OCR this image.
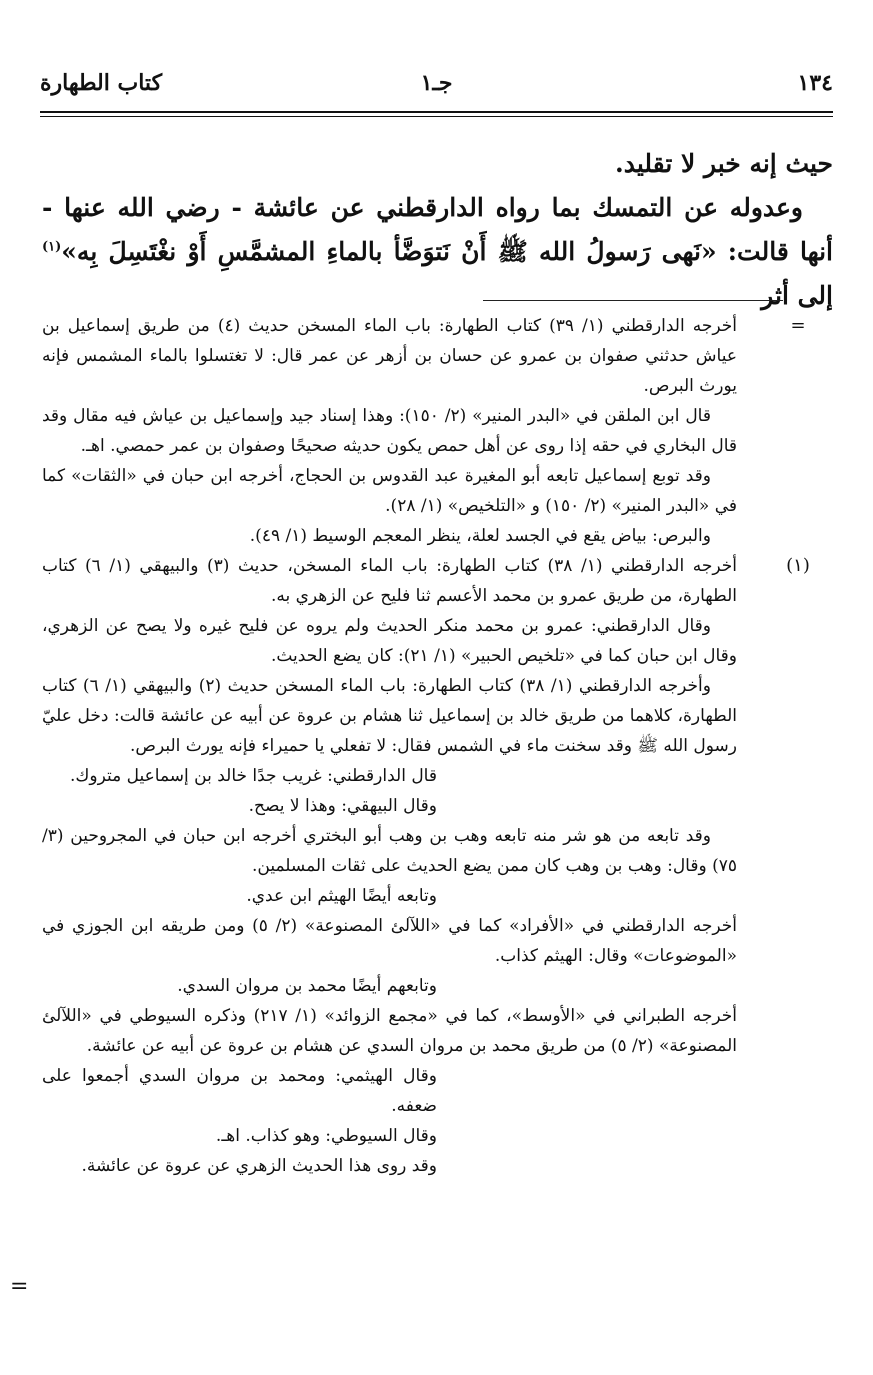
١٣٤
جـ١
كتاب الطهارة

حيث إنه خبر لا تقليد.

وعدوله عن التمسك بما رواه الدارقطني عن عائشة - رضي الله عنها - أنها قالت: «نَهى رَسولُ الله ﷺ أَنْ نَتوَضَّأ بالماءِ المشمَّسِ أَوْ نغْتَسِلَ بِه»$^{(١)}$ إلى أثر

=

أخرجه الدارقطني (١/ ٣٩) كتاب الطهارة: باب الماء المسخن حديث (٤) من طريق إسماعيل بن عياش حدثني صفوان بن عمرو عن حسان بن أزهر عن عمر قال: لا تغتسلوا بالماء المشمس فإنه يورث البرص.

قال ابن الملقن في «البدر المنير» (٢/ ١٥٠): وهذا إسناد جيد وإسماعيل بن عياش فيه مقال وقد قال البخاري في حقه إذا روى عن أهل حمص يكون حديثه صحيحًا وصفوان بن عمر حمصي. اهـ.

وقد توبع إسماعيل تابعه أبو المغيرة عبد القدوس بن الحجاج، أخرجه ابن حبان في «الثقات» كما في «البدر المنير» (٢/ ١٥٠) و «التلخيص» (١/ ٢٨).

والبرص: بياض يقع في الجسد لعلة، ينظر المعجم الوسيط (١/ ٤٩).

(١)

أخرجه الدارقطني (١/ ٣٨) كتاب الطهارة: باب الماء المسخن، حديث (٣) والبيهقي (١/ ٦) كتاب الطهارة، من طريق عمرو بن محمد الأعسم ثنا فليح عن الزهري به.

وقال الدارقطني: عمرو بن محمد منكر الحديث ولم يروه عن فليح غيره ولا يصح عن الزهري، وقال ابن حبان كما في «تلخيص الحبير» (١/ ٢١): كان يضع الحديث.

وأخرجه الدارقطني (١/ ٣٨) كتاب الطهارة: باب الماء المسخن حديث (٢) والبيهقي (١/ ٦) كتاب الطهارة، كلاهما من طريق خالد بن إسماعيل ثنا هشام بن عروة عن أبيه عن عائشة قالت: دخل عليّ رسول الله ﷺ وقد سخنت ماء في الشمس فقال: لا تفعلي يا حميراء فإنه يورث البرص.

قال الدارقطني: غريب جدًا خالد بن إسماعيل متروك.

وقال البيهقي: وهذا لا يصح.

وقد تابعه من هو شر منه تابعه وهب بن وهب أبو البختري أخرجه ابن حبان في المجروحين (٣/ ٧٥) وقال: وهب بن وهب كان ممن يضع الحديث على ثقات المسلمين.

وتابعه أيضًا الهيثم ابن عدي.

أخرجه الدارقطني في «الأفراد» كما في «اللآلئ المصنوعة» (٢/ ٥) ومن طريقه ابن الجوزي في «الموضوعات» وقال: الهيثم كذاب.

وتابعهم أيضًا محمد بن مروان السدي.

أخرجه الطبراني في «الأوسط»، كما في «مجمع الزوائد» (١/ ٢١٧) وذكره السيوطي في «اللآلئ المصنوعة» (٢/ ٥) من طريق محمد بن مروان السدي عن هشام بن عروة عن أبيه عن عائشة.

وقال الهيثمي: ومحمد بن مروان السدي أجمعوا على ضعفه.

وقال السيوطي: وهو كذاب. اهـ.

وقد روى هذا الحديث الزهري عن عروة عن عائشة.

=
